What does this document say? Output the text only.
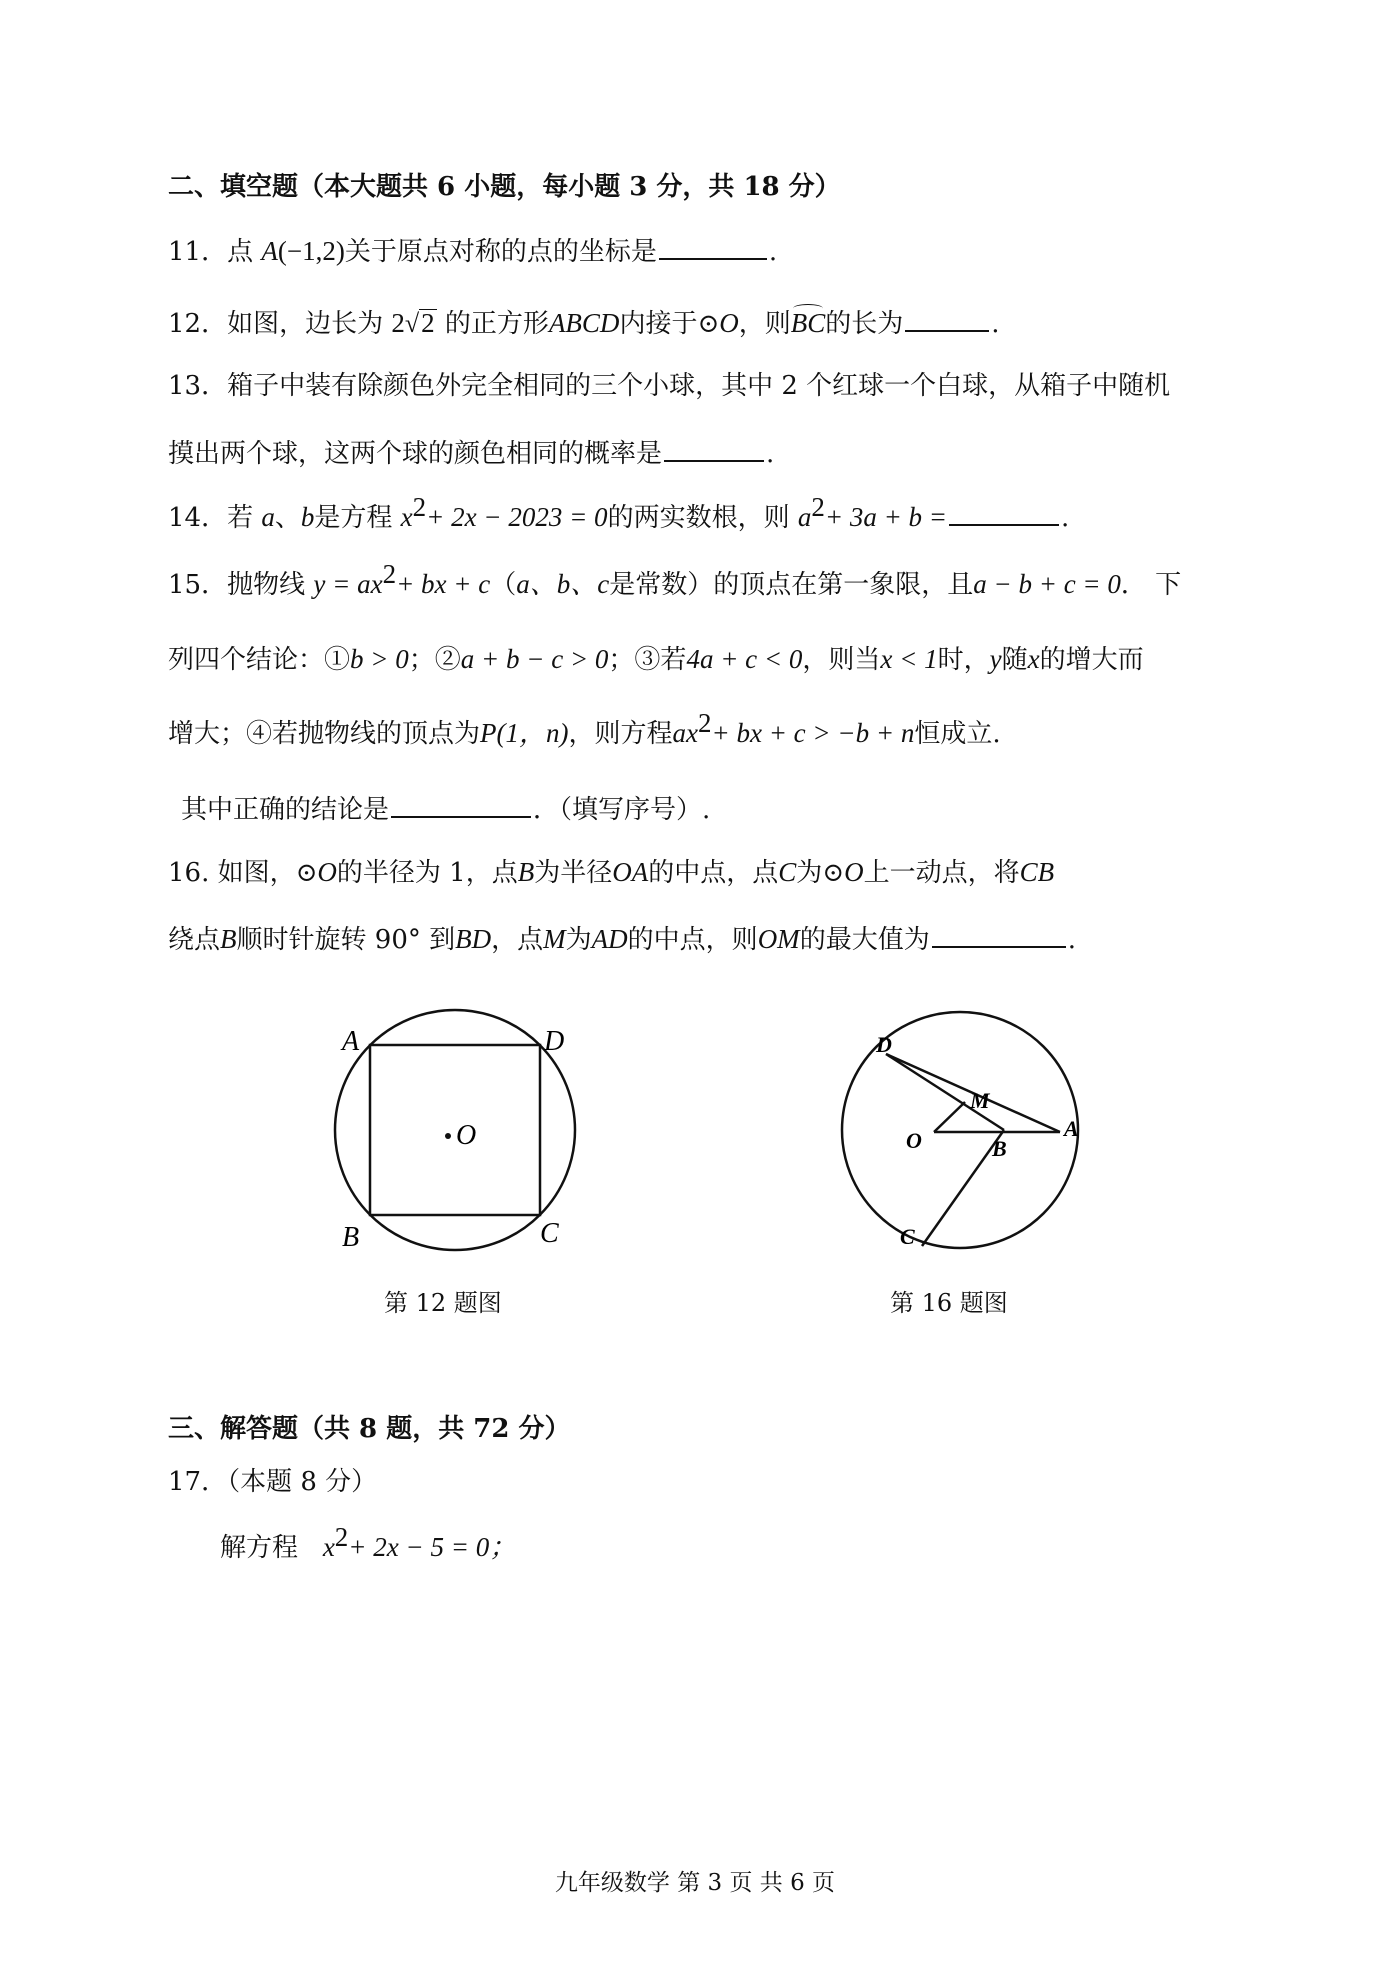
二、填空题（本大题共 6 小题，每小题 3 分，共 18 分）
11．点 A(−1,2)关于原点对称的点的坐标是	.
12．如图，边长为 2√2 的正方形ABCD内接于⊙O，则BC的长为	.
13．箱子中装有除颜色外完全相同的三个小球，其中 2 个红球一个白球，从箱子中随机
摸出两个球，这两个球的颜色相同的概率是	.
14．若 a、b是方程 $x^2+ 2x - 2023 = 0$的两实数根，则 $a^2+ 3a + b$ =	.
15．抛物线 $y = ax^2+$ bx + c（a、b、c是常数）的顶点在第一象限，且a − b + c = 0． 下
列四个结论：①b > 0；②a + b − c > 0；③若4a + c < 0，则当x < 1时，y随x的增大而
增大；④若抛物线的顶点为P(1，n)，则方程$ax^2+$ bx + c > −b + n恒成立.
其中正确的结论是	．（填写序号）.
16. 如图，⊙O的半径为 1，点B为半径OA的中点，点C为⊙O上一动点，将CB
绕点B顺时针旋转 90° 到BD，点M为AD的中点，则OM的最大值为	.
O
A	D
B	C
第 12 题图
D
M
O	B
A
C
第 16 题图
三、解答题（共 8 题，共 72 分）
17．（本题 8 分）
解方程 $x^2+ 2x - 5 = 0$；
九年级数学 第 3 页 共 6 页
